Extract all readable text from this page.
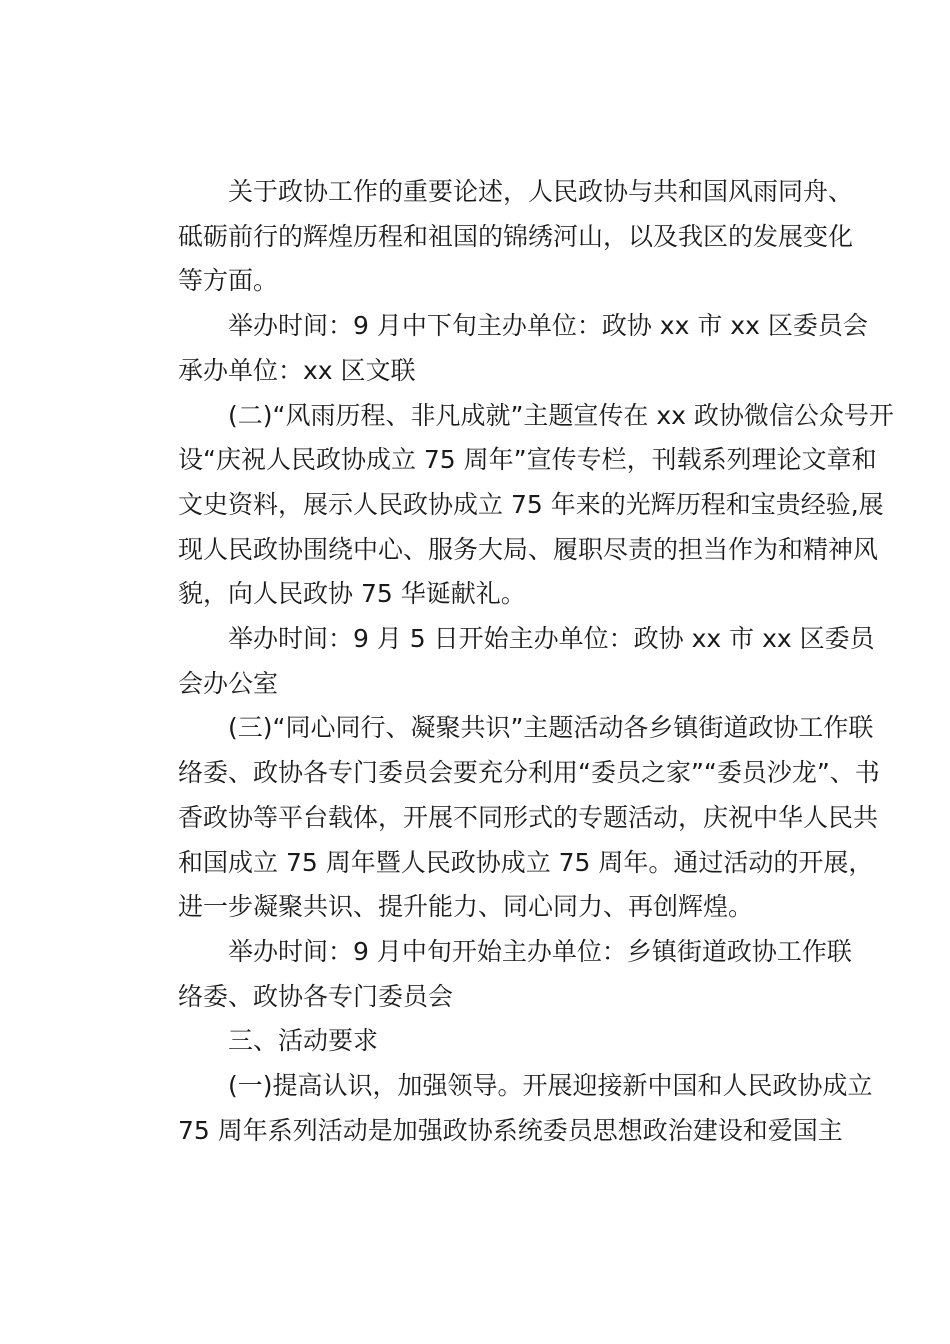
关于政协工作的重要论述，人民政协与共和国风雨同舟、
砥砺前行的辉煌历程和祖国的锦绣河山，以及我区的发展变化
等方面。
举办时间：9 月中下旬主办单位：政协 xx 市 xx 区委员会
承办单位：xx 区文联
(二)“风雨历程、非凡成就”主题宣传在 xx 政协微信公众号开
设“庆祝人民政协成立 75 周年”宣传专栏，刊载系列理论文章和
文史资料，展示人民政协成立 75 年来的光辉历程和宝贵经验,展
现人民政协围绕中心、服务大局、履职尽责的担当作为和精神风
貌，向人民政协 75 华诞献礼。
举办时间：9 月 5 日开始主办单位：政协 xx 市 xx 区委员
会办公室
(三)“同心同行、凝聚共识”主题活动各乡镇街道政协工作联
络委、政协各专门委员会要充分利用“委员之家”“委员沙龙”、书
香政协等平台载体，开展不同形式的专题活动，庆祝中华人民共
和国成立 75 周年暨人民政协成立 75 周年。通过活动的开展，
进一步凝聚共识、提升能力、同心同力、再创辉煌。
举办时间：9 月中旬开始主办单位：乡镇街道政协工作联
络委、政协各专门委员会
三、活动要求
(一)提高认识，加强领导。开展迎接新中国和人民政协成立
75 周年系列活动是加强政协系统委员思想政治建设和爱国主
